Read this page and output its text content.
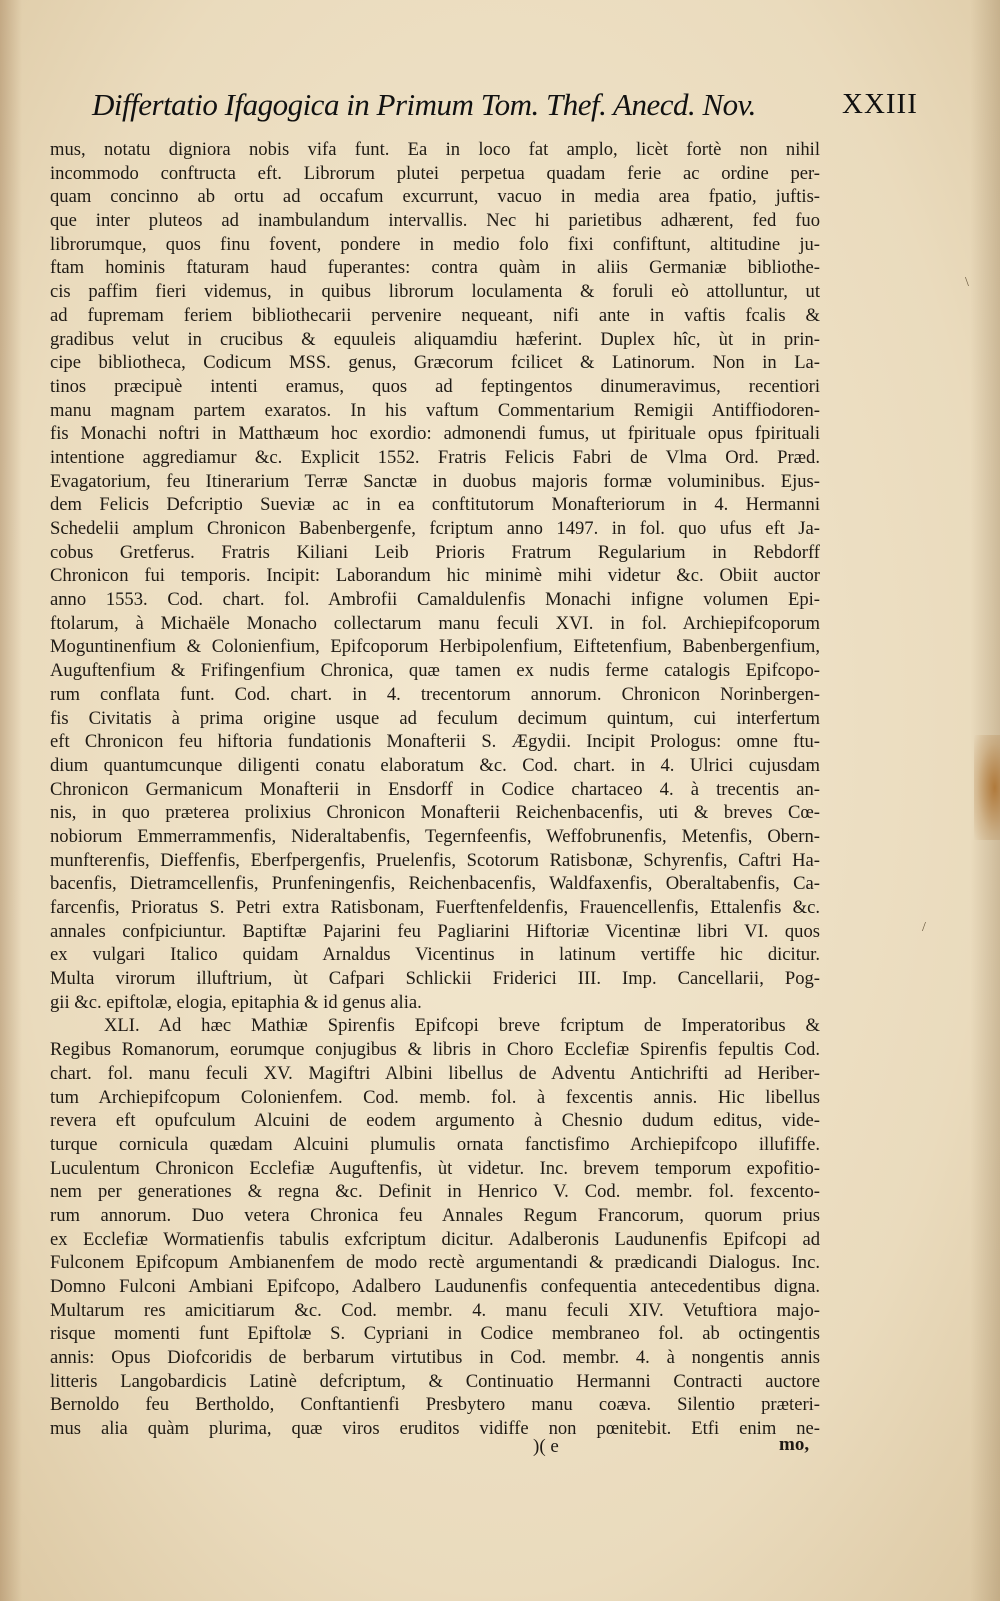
Differtatio Ifagogica in Primum Tom. Thef. Anecd. Nov.	XXIII
mus, notatu digniora nobis vifa funt. Ea in loco fat amplo, licèt fortè non nihil
incommodo conftructa eft. Librorum plutei perpetua quadam ferie ac ordine per-
quam concinno ab ortu ad occafum excurrunt, vacuo in media area fpatio, juftis-
que inter pluteos ad inambulandum intervallis. Nec hi parietibus adhærent, fed fuo
librorumque, quos finu fovent, pondere in medio folo fixi confiftunt, altitudine ju-
ftam hominis ftaturam haud fuperantes: contra quàm in aliis Germaniæ bibliothe-
cis paffim fieri videmus, in quibus librorum loculamenta & foruli eò attolluntur, ut
ad fupremam feriem bibliothecarii pervenire nequeant, nifi ante in vaftis fcalis &
gradibus velut in crucibus & equuleis aliquamdiu hæferint. Duplex hîc, ùt in prin-
cipe bibliotheca, Codicum MSS. genus, Græcorum fcilicet & Latinorum. Non in La-
tinos præcipuè intenti eramus, quos ad feptingentos dinumeravimus, recentiori
manu magnam partem exaratos. In his vaftum Commentarium Remigii Antiffiodoren-
fis Monachi noftri in Matthæum hoc exordio: admonendi fumus, ut fpirituale opus fpirituali
intentione aggrediamur &c. Explicit 1552. Fratris Felicis Fabri de Vlma Ord. Præd.
Evagatorium, feu Itinerarium Terræ Sanctæ in duobus majoris formæ voluminibus. Ejus-
dem Felicis Defcriptio Sueviæ ac in ea conftitutorum Monafteriorum in 4. Hermanni
Schedelii amplum Chronicon Babenbergenfe, fcriptum anno 1497. in fol. quo ufus eft Ja-
cobus Gretferus. Fratris Kiliani Leib Prioris Fratrum Regularium in Rebdorff
Chronicon fui temporis. Incipit: Laborandum hic minimè mihi videtur &c. Obiit auctor
anno 1553. Cod. chart. fol. Ambrofii Camaldulenfis Monachi infigne volumen Epi-
ftolarum, à Michaële Monacho collectarum manu feculi XVI. in fol. Archiepifcoporum
Moguntinenfium & Colonienfium, Epifcoporum Herbipolenfium, Eiftetenfium, Babenbergenfium,
Auguftenfium & Frifingenfium Chronica, quæ tamen ex nudis ferme catalogis Epifcopo-
rum conflata funt. Cod. chart. in 4. trecentorum annorum. Chronicon Norinbergen-
fis Civitatis à prima origine usque ad feculum decimum quintum, cui interfertum
eft Chronicon feu hiftoria fundationis Monafterii S. Ægydii. Incipit Prologus: omne ftu-
dium quantumcunque diligenti conatu elaboratum &c. Cod. chart. in 4. Ulrici cujusdam
Chronicon Germanicum Monafterii in Ensdorff in Codice chartaceo 4. à trecentis an-
nis, in quo præterea prolixius Chronicon Monafterii Reichenbacenfis, uti & breves Cœ-
nobiorum Emmerrammenfis, Nideraltabenfis, Tegernfeenfis, Weffobrunenfis, Metenfis, Obern-
munfterenfis, Dieffenfis, Eberfpergenfis, Pruelenfis, Scotorum Ratisbonæ, Schyrenfis, Caftri Ha-
bacenfis, Dietramcellenfis, Prunfeningenfis, Reichenbacenfis, Waldfaxenfis, Oberaltabenfis, Ca-
farcenfis, Prioratus S. Petri extra Ratisbonam, Fuerftenfeldenfis, Frauencellenfis, Ettalenfis &c.
annales confpiciuntur. Baptiftæ Pajarini feu Pagliarini Hiftoriæ Vicentinæ libri VI. quos
ex vulgari Italico quidam Arnaldus Vicentinus in latinum vertiffe hic dicitur.
Multa virorum illuftrium, ùt Cafpari Schlickii Friderici III. Imp. Cancellarii, Pog-
gii &c. epiftolæ, elogia, epitaphia & id genus alia.
XLI. Ad hæc Mathiæ Spirenfis Epifcopi breve fcriptum de Imperatoribus &
Regibus Romanorum, eorumque conjugibus & libris in Choro Ecclefiæ Spirenfis fepultis Cod.
chart. fol. manu feculi XV. Magiftri Albini libellus de Adventu Antichrifti ad Heriber-
tum Archiepifcopum Colonienfem. Cod. memb. fol. à fexcentis annis. Hic libellus
revera eft opufculum Alcuini de eodem argumento à Chesnio dudum editus, vide-
turque cornicula quædam Alcuini plumulis ornata fanctisfimo Archiepifcopo illufiffe.
Luculentum Chronicon Ecclefiæ Auguftenfis, ùt videtur. Inc. brevem temporum expofitio-
nem per generationes & regna &c. Definit in Henrico V. Cod. membr. fol. fexcento-
rum annorum. Duo vetera Chronica feu Annales Regum Francorum, quorum prius
ex Ecclefiæ Wormatienfis tabulis exfcriptum dicitur. Adalberonis Laudunenfis Epifcopi ad
Fulconem Epifcopum Ambianenfem de modo rectè argumentandi & prædicandi Dialogus. Inc.
Domno Fulconi Ambiani Epifcopo, Adalbero Laudunenfis confequentia antecedentibus digna.
Multarum res amicitiarum &c. Cod. membr. 4. manu feculi XIV. Vetuftiora majo-
risque momenti funt Epiftolæ S. Cypriani in Codice membraneo fol. ab octingentis
annis: Opus Diofcoridis de berbarum virtutibus in Cod. membr. 4. à nongentis annis
litteris Langobardicis Latinè defcriptum, & Continuatio Hermanni Contracti auctore
Bernoldo feu Bertholdo, Conftantienfi Presbytero manu coæva. Silentio præteri-
mus alia quàm plurima, quæ viros eruditos vidiffe non pœnitebit. Etfi enim ne-
)( e	mo,
\
/
